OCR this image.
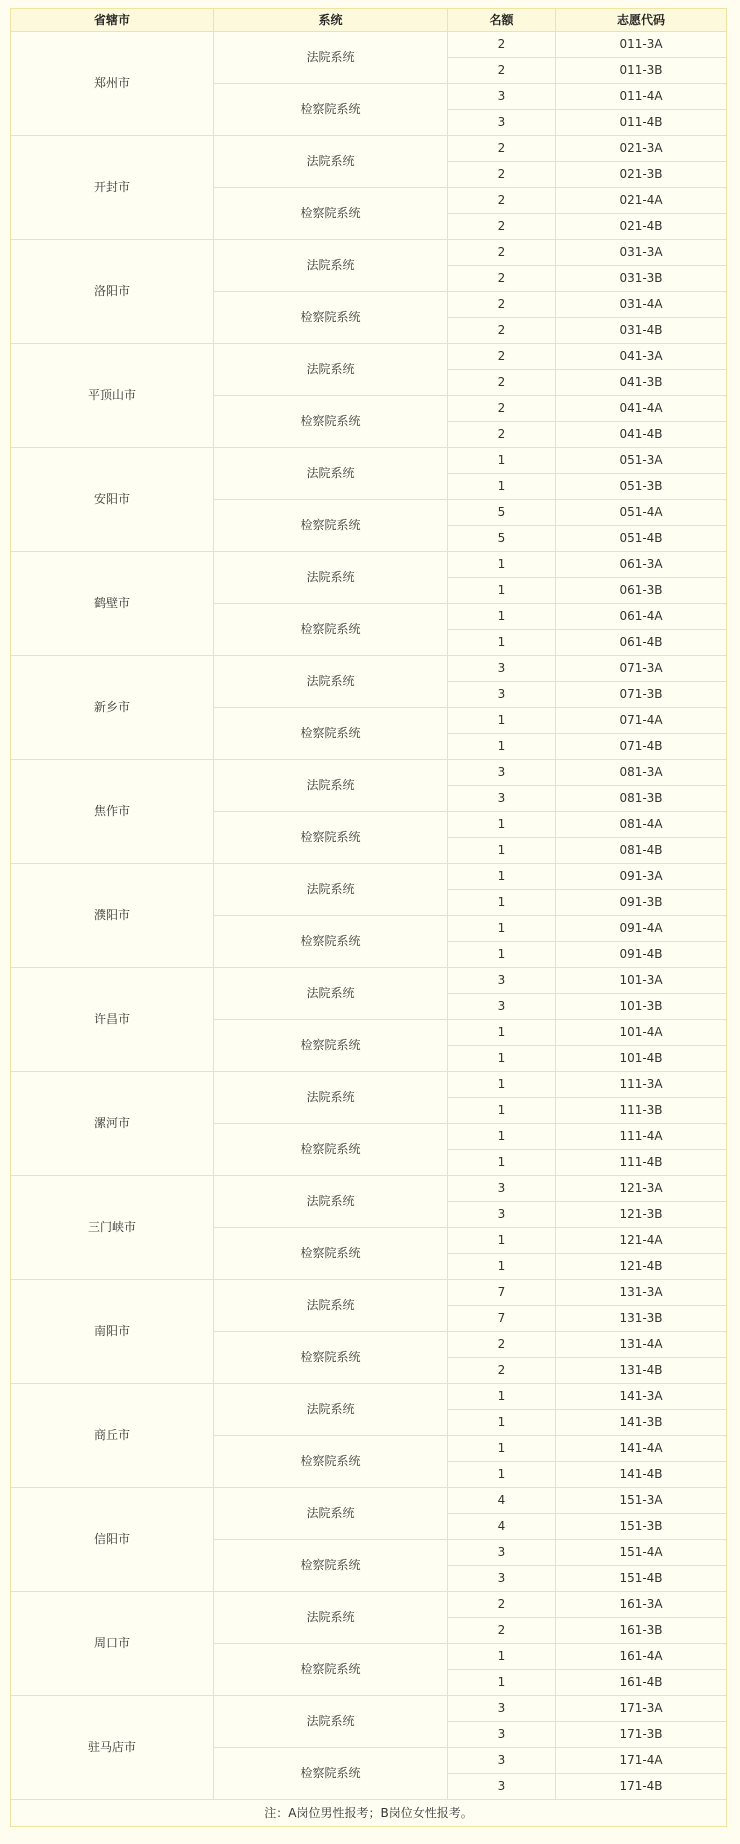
省辖市	系统	名额	志愿代码
郑州市	法院系统	2	011-3A
		2	011-3B
	检察院系统	3	011-4A
		3	011-4B
开封市	法院系统	2	021-3A
		2	021-3B
	检察院系统	2	021-4A
		2	021-4B
洛阳市	法院系统	2	031-3A
		2	031-3B
	检察院系统	2	031-4A
		2	031-4B
平顶山市	法院系统	2	041-3A
		2	041-3B
	检察院系统	2	041-4A
		2	041-4B
安阳市	法院系统	1	051-3A
		1	051-3B
	检察院系统	5	051-4A
		5	051-4B
鹤壁市	法院系统	1	061-3A
		1	061-3B
	检察院系统	1	061-4A
		1	061-4B
新乡市	法院系统	3	071-3A
		3	071-3B
	检察院系统	1	071-4A
		1	071-4B
焦作市	法院系统	3	081-3A
		3	081-3B
	检察院系统	1	081-4A
		1	081-4B
濮阳市	法院系统	1	091-3A
		1	091-3B
	检察院系统	1	091-4A
		1	091-4B
许昌市	法院系统	3	101-3A
		3	101-3B
	检察院系统	1	101-4A
		1	101-4B
漯河市	法院系统	1	111-3A
		1	111-3B
	检察院系统	1	111-4A
		1	111-4B
三门峡市	法院系统	3	121-3A
		3	121-3B
	检察院系统	1	121-4A
		1	121-4B
南阳市	法院系统	7	131-3A
		7	131-3B
	检察院系统	2	131-4A
		2	131-4B
商丘市	法院系统	1	141-3A
		1	141-3B
	检察院系统	1	141-4A
		1	141-4B
信阳市	法院系统	4	151-3A
		4	151-3B
	检察院系统	3	151-4A
		3	151-4B
周口市	法院系统	2	161-3A
		2	161-3B
	检察院系统	1	161-4A
		1	161-4B
驻马店市	法院系统	3	171-3A
		3	171-3B
	检察院系统	3	171-4A
		3	171-4B
注：A岗位男性报考；B岗位女性报考。			
